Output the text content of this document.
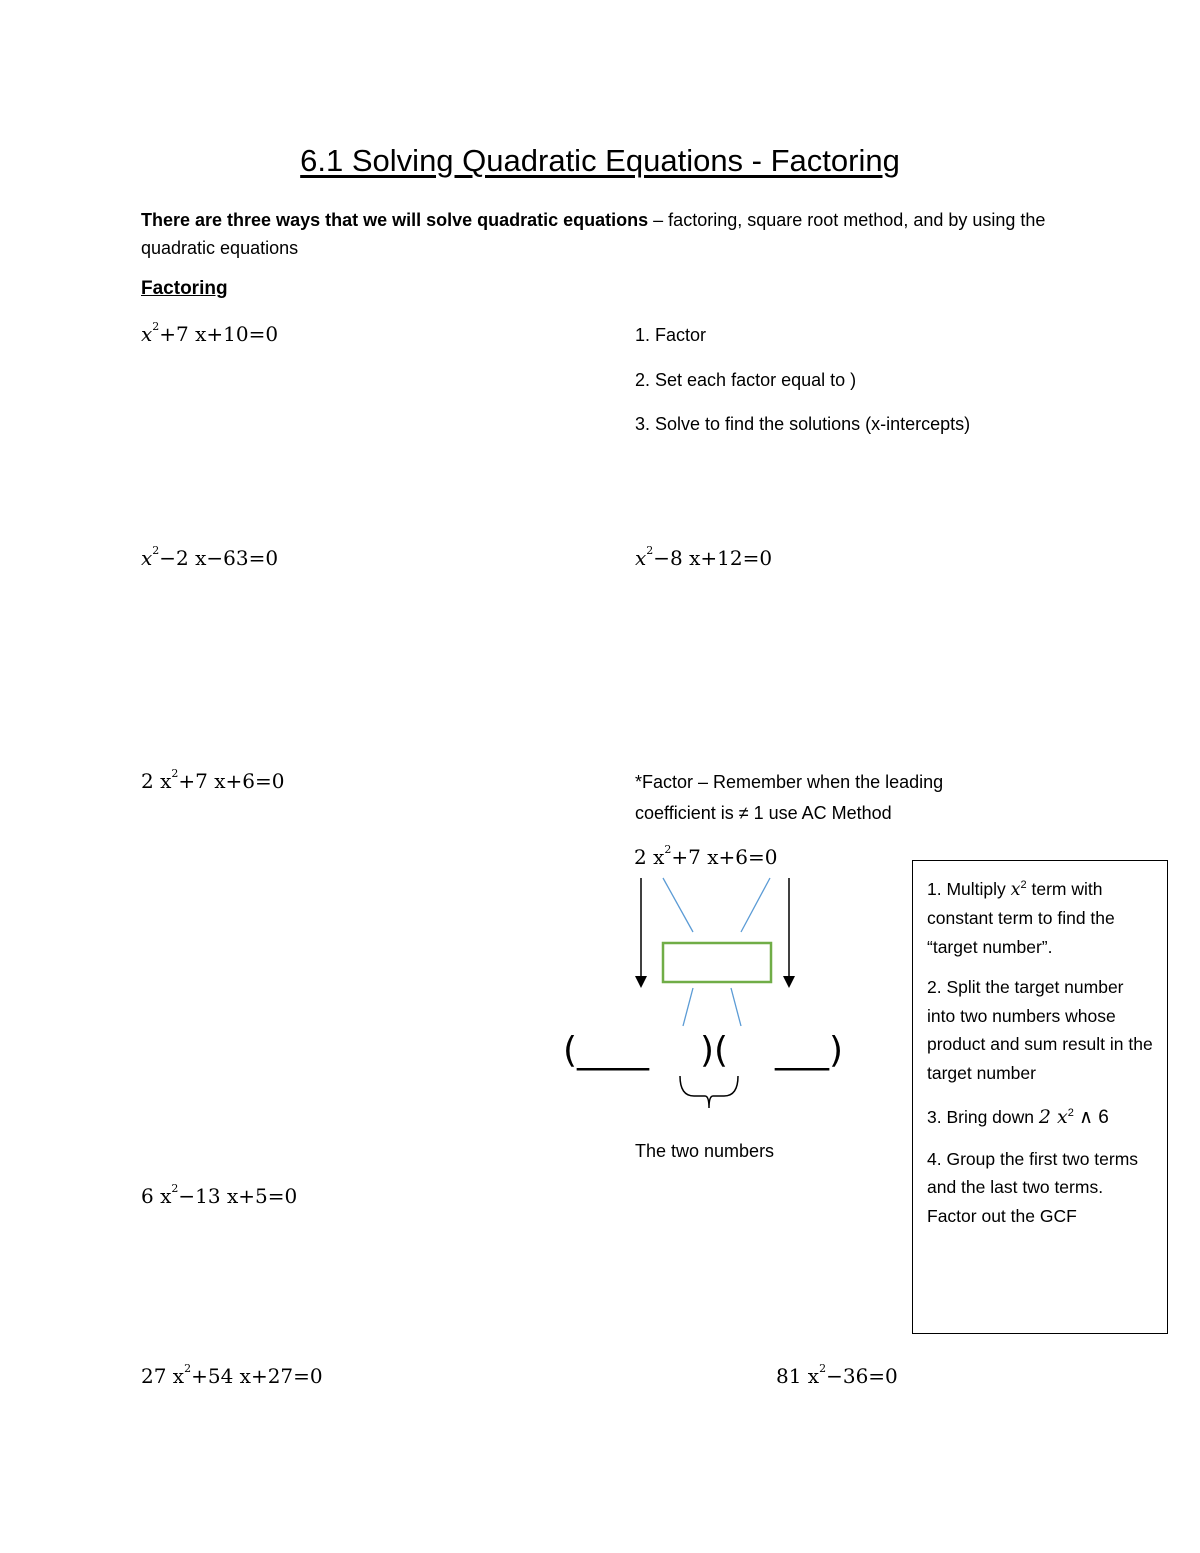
6.1 Solving Quadratic Equations - Factoring
There are three ways that we will solve quadratic equations – factoring, square root method, and by using the quadratic equations
Factoring
$x^2+7$ x+10=0	1. Factor
2. Set each factor equal to )
3. Solve to find the solutions (x-intercepts)
$x^2-2$ x−63=0	$x^2-8$ x+12=0
2 $x^2+7$ x+6=0	*Factor – Remember when the leading coefficient is ≠ 1 use AC Method
2 $x^2+7$ x+6=0
(____ )( ___)
The two numbers

1. Multiply $x^2$ term with constant term to find the “target number”.

2. Split the target number into two numbers whose product and sum result in the target number

3. Bring down 2 $x^2$ ∧ 6

4. Group the first two terms and the last two terms. Factor out the GCF

6 $x^2-13$ x+5=0
27 $x^2+54$ x+27=0	81 $x^2-36=0$
